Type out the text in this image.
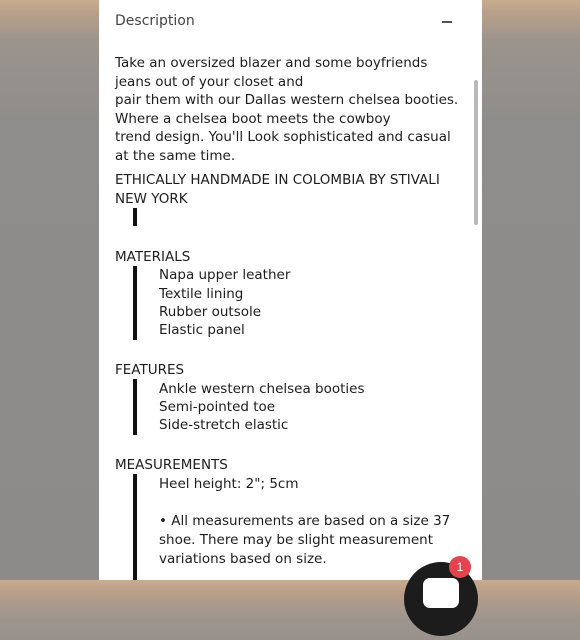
Description
Take an oversized blazer and some boyfriends jeans out of your closet and
pair them with our Dallas western chelsea booties. Where a chelsea boot meets the cowboy
trend design. You'll Look sophisticated and casual at the same time.
ETHICALLY HANDMADE IN COLOMBIA BY STIVALI NEW YORK
MATERIALS
Napa upper leather
Textile lining
Rubber outsole
Elastic panel
FEATURES
Ankle western chelsea booties
Semi-pointed toe
Side-stretch elastic
MEASUREMENTS
Heel height: 2"; 5cm
• All measurements are based on a size 37 shoe. There may be slight measurement variations based on size.	1
